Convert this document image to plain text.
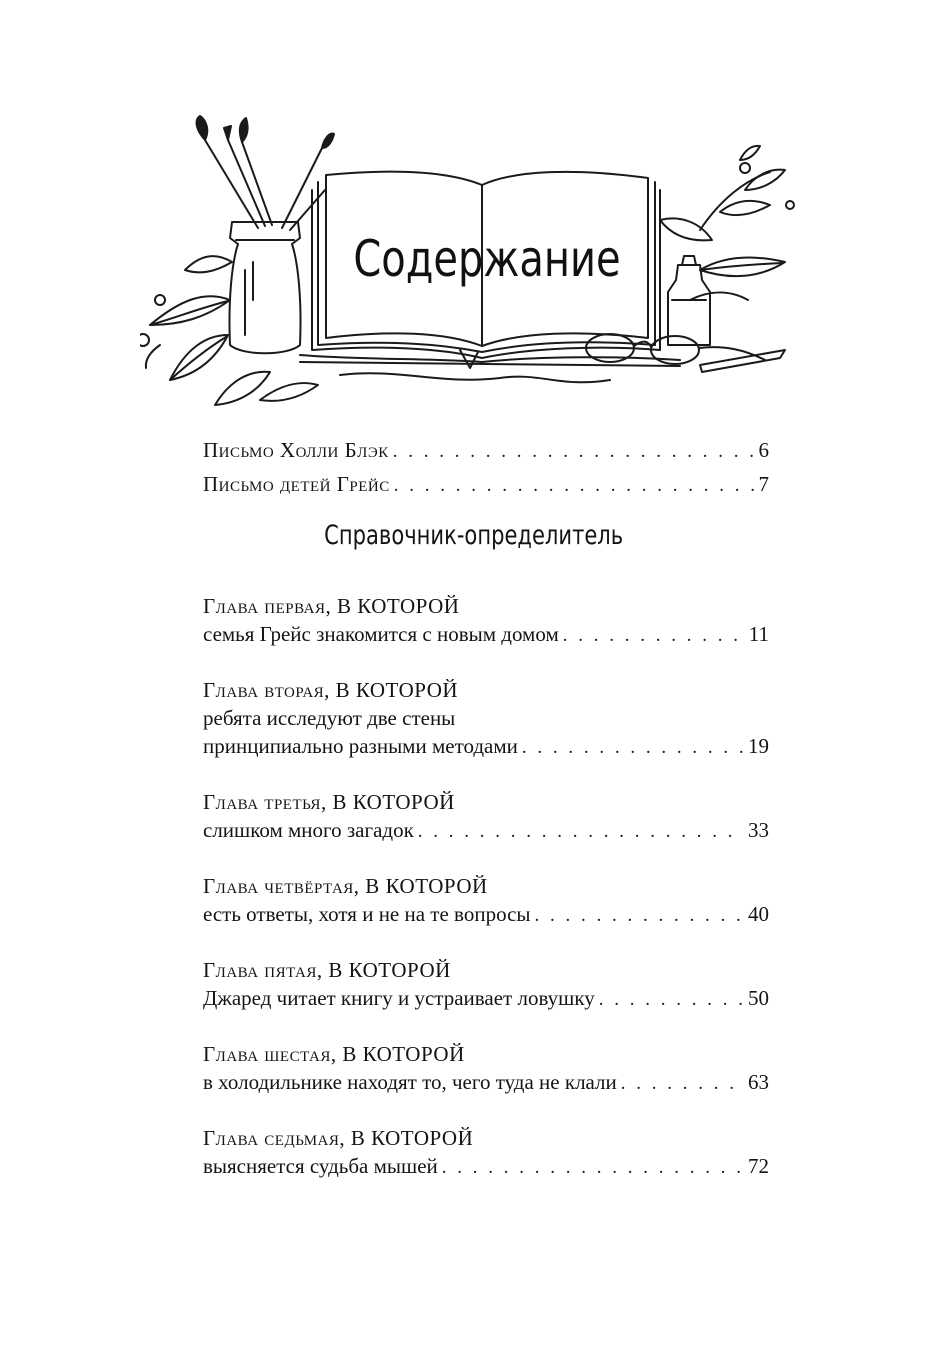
Содержание
Письмо Холли Блэк . . .	6
Письмо детей Грейс . . .	7
Справочник-определитель
Глава первая, В КОТОРОЙ
семья Грейс знакомится с новым домом . . .	11
Глава вторая, В КОТОРОЙ
ребята исследуют две стены
принципиально разными методами . . .	19
Глава третья, В КОТОРОЙ
слишком много загадок . . .	33
Глава четвёртая, В КОТОРОЙ
есть ответы, хотя и не на те вопросы . . .	40
Глава пятая, В КОТОРОЙ
Джаред читает книгу и устраивает ловушку . . .	50
Глава шестая, В КОТОРОЙ
в холодильнике находят то, чего туда не клали . . .	63
Глава седьмая, В КОТОРОЙ
выясняется судьба мышей . . .	72
